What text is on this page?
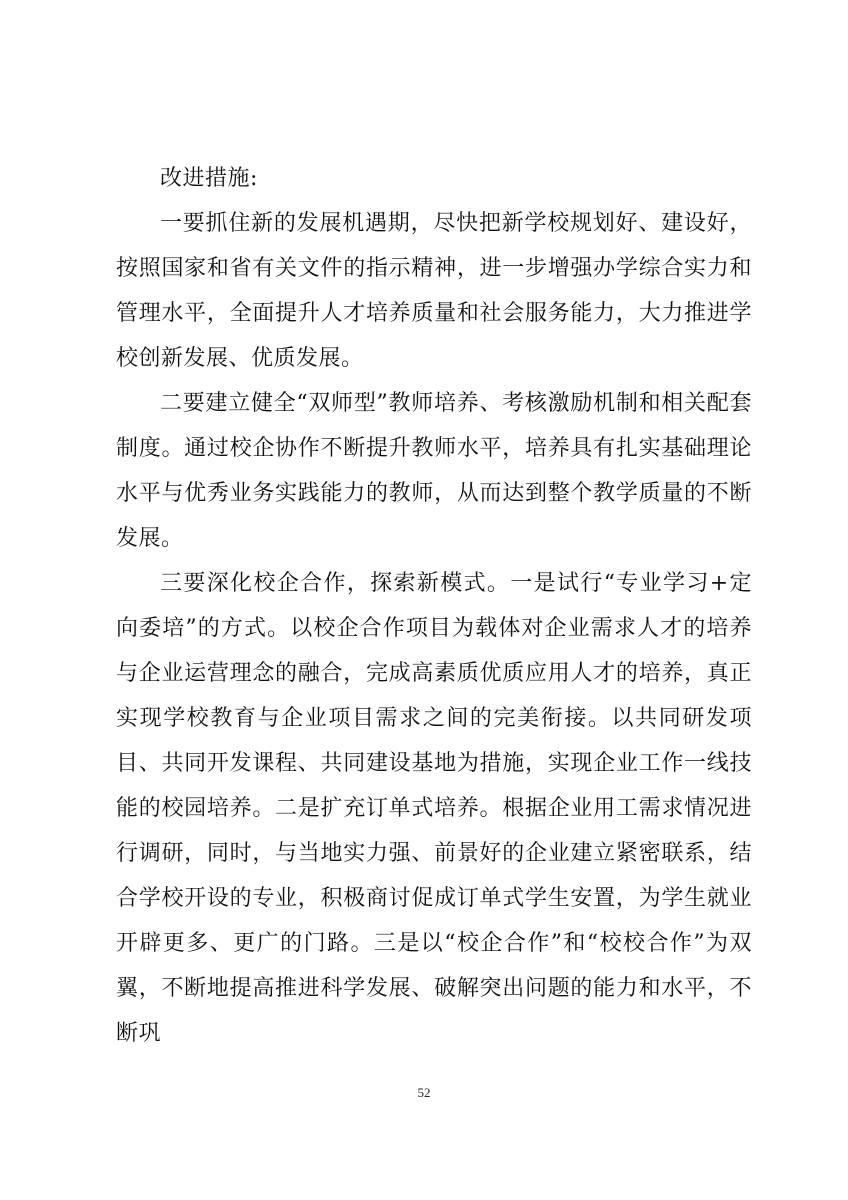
改进措施:

一要抓住新的发展机遇期，尽快把新学校规划好、建设好，按照国家和省有关文件的指示精神，进一步增强办学综合实力和管理水平，全面提升人才培养质量和社会服务能力，大力推进学校创新发展、优质发展。

二要建立健全“双师型”教师培养、考核激励机制和相关配套制度。通过校企协作不断提升教师水平，培养具有扎实基础理论水平与优秀业务实践能力的教师，从而达到整个教学质量的不断发展。

三要深化校企合作，探索新模式。一是试行“专业学习+定向委培”的方式。以校企合作项目为载体对企业需求人才的培养与企业运营理念的融合，完成高素质优质应用人才的培养，真正实现学校教育与企业项目需求之间的完美衔接。以共同研发项目、共同开发课程、共同建设基地为措施，实现企业工作一线技能的校园培养。二是扩充订单式培养。根据企业用工需求情况进行调研，同时，与当地实力强、前景好的企业建立紧密联系，结合学校开设的专业，积极商讨促成订单式学生安置，为学生就业开辟更多、更广的门路。三是以“校企合作”和“校校合作”为双翼，不断地提高推进科学发展、破解突出问题的能力和水平，不断巩

52
